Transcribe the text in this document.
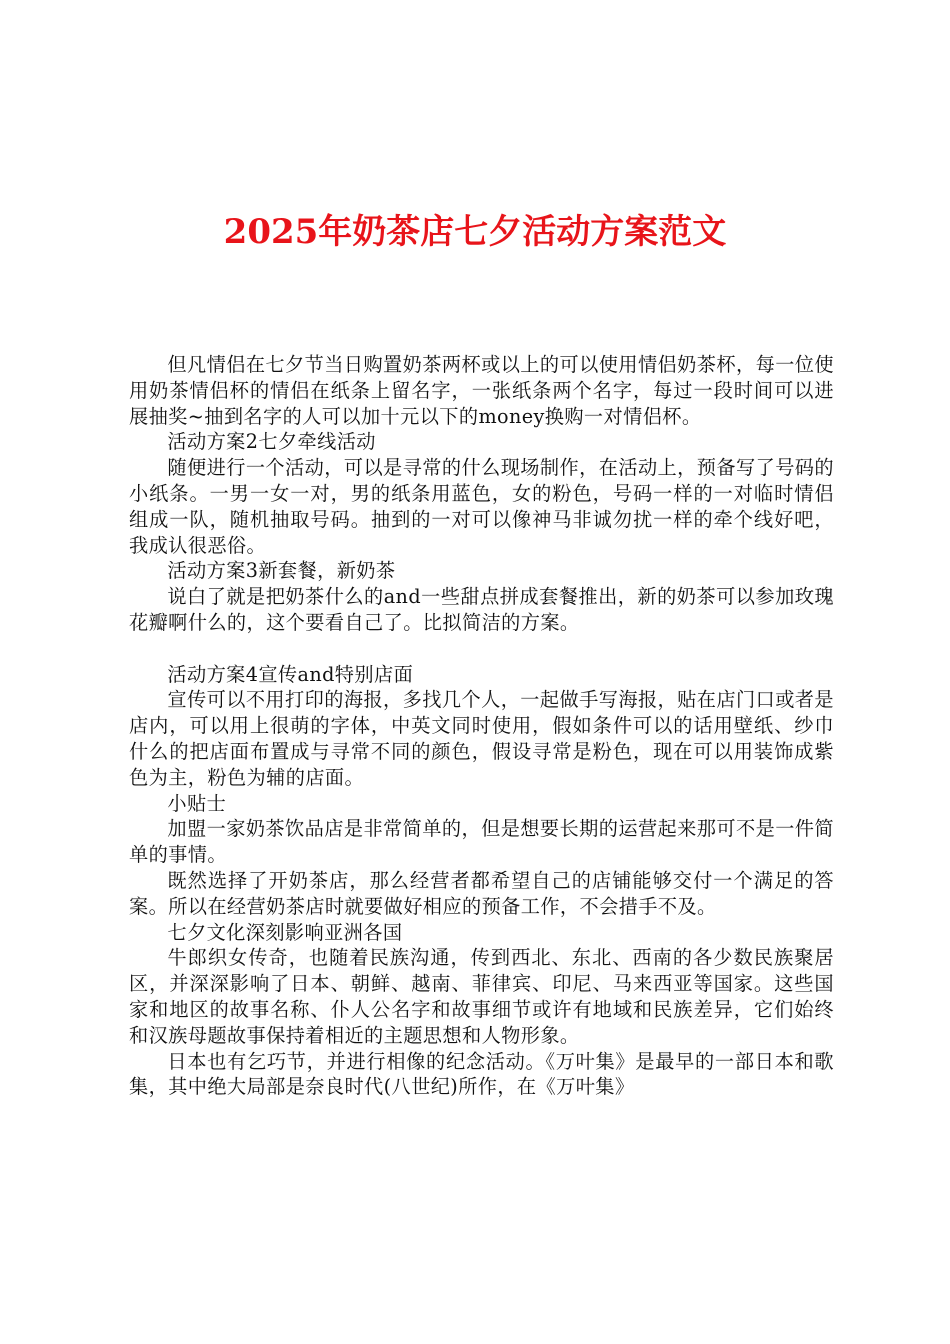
2025年奶茶店七夕活动方案范文

但凡情侣在七夕节当日购置奶茶两杯或以上的可以使用情侣奶茶杯，每一位使用奶茶情侣杯的情侣在纸条上留名字，一张纸条两个名字，每过一段时间可以进展抽奖~抽到名字的人可以加十元以下的money换购一对情侣杯。

活动方案2七夕牵线活动

随便进行一个活动，可以是寻常的什么现场制作，在活动上，预备写了号码的小纸条。一男一女一对，男的纸条用蓝色，女的粉色，号码一样的一对临时情侣组成一队，随机抽取号码。抽到的一对可以像神马非诚勿扰一样的牵个线好吧，我成认很恶俗。

活动方案3新套餐，新奶茶

说白了就是把奶茶什么的and一些甜点拼成套餐推出，新的奶茶可以参加玫瑰花瓣啊什么的，这个要看自己了。比拟简洁的方案。

活动方案4宣传and特别店面

宣传可以不用打印的海报，多找几个人，一起做手写海报，贴在店门口或者是店内，可以用上很萌的字体，中英文同时使用，假如条件可以的话用壁纸、纱巾什么的把店面布置成与寻常不同的颜色，假设寻常是粉色，现在可以用装饰成紫色为主，粉色为辅的店面。

小贴士

加盟一家奶茶饮品店是非常简单的，但是想要长期的运营起来那可不是一件简单的事情。

既然选择了开奶茶店，那么经营者都希望自己的店铺能够交付一个满足的答案。所以在经营奶茶店时就要做好相应的预备工作，不会措手不及。

七夕文化深刻影响亚洲各国

牛郎织女传奇，也随着民族沟通，传到西北、东北、西南的各少数民族聚居区，并深深影响了日本、朝鲜、越南、菲律宾、印尼、马来西亚等国家。这些国家和地区的故事名称、仆人公名字和故事细节或许有地域和民族差异，它们始终和汉族母题故事保持着相近的主题思想和人物形象。

日本也有乞巧节，并进行相像的纪念活动。《万叶集》是最早的一部日本和歌集，其中绝大局部是奈良时代(八世纪)所作，在《万叶集》
